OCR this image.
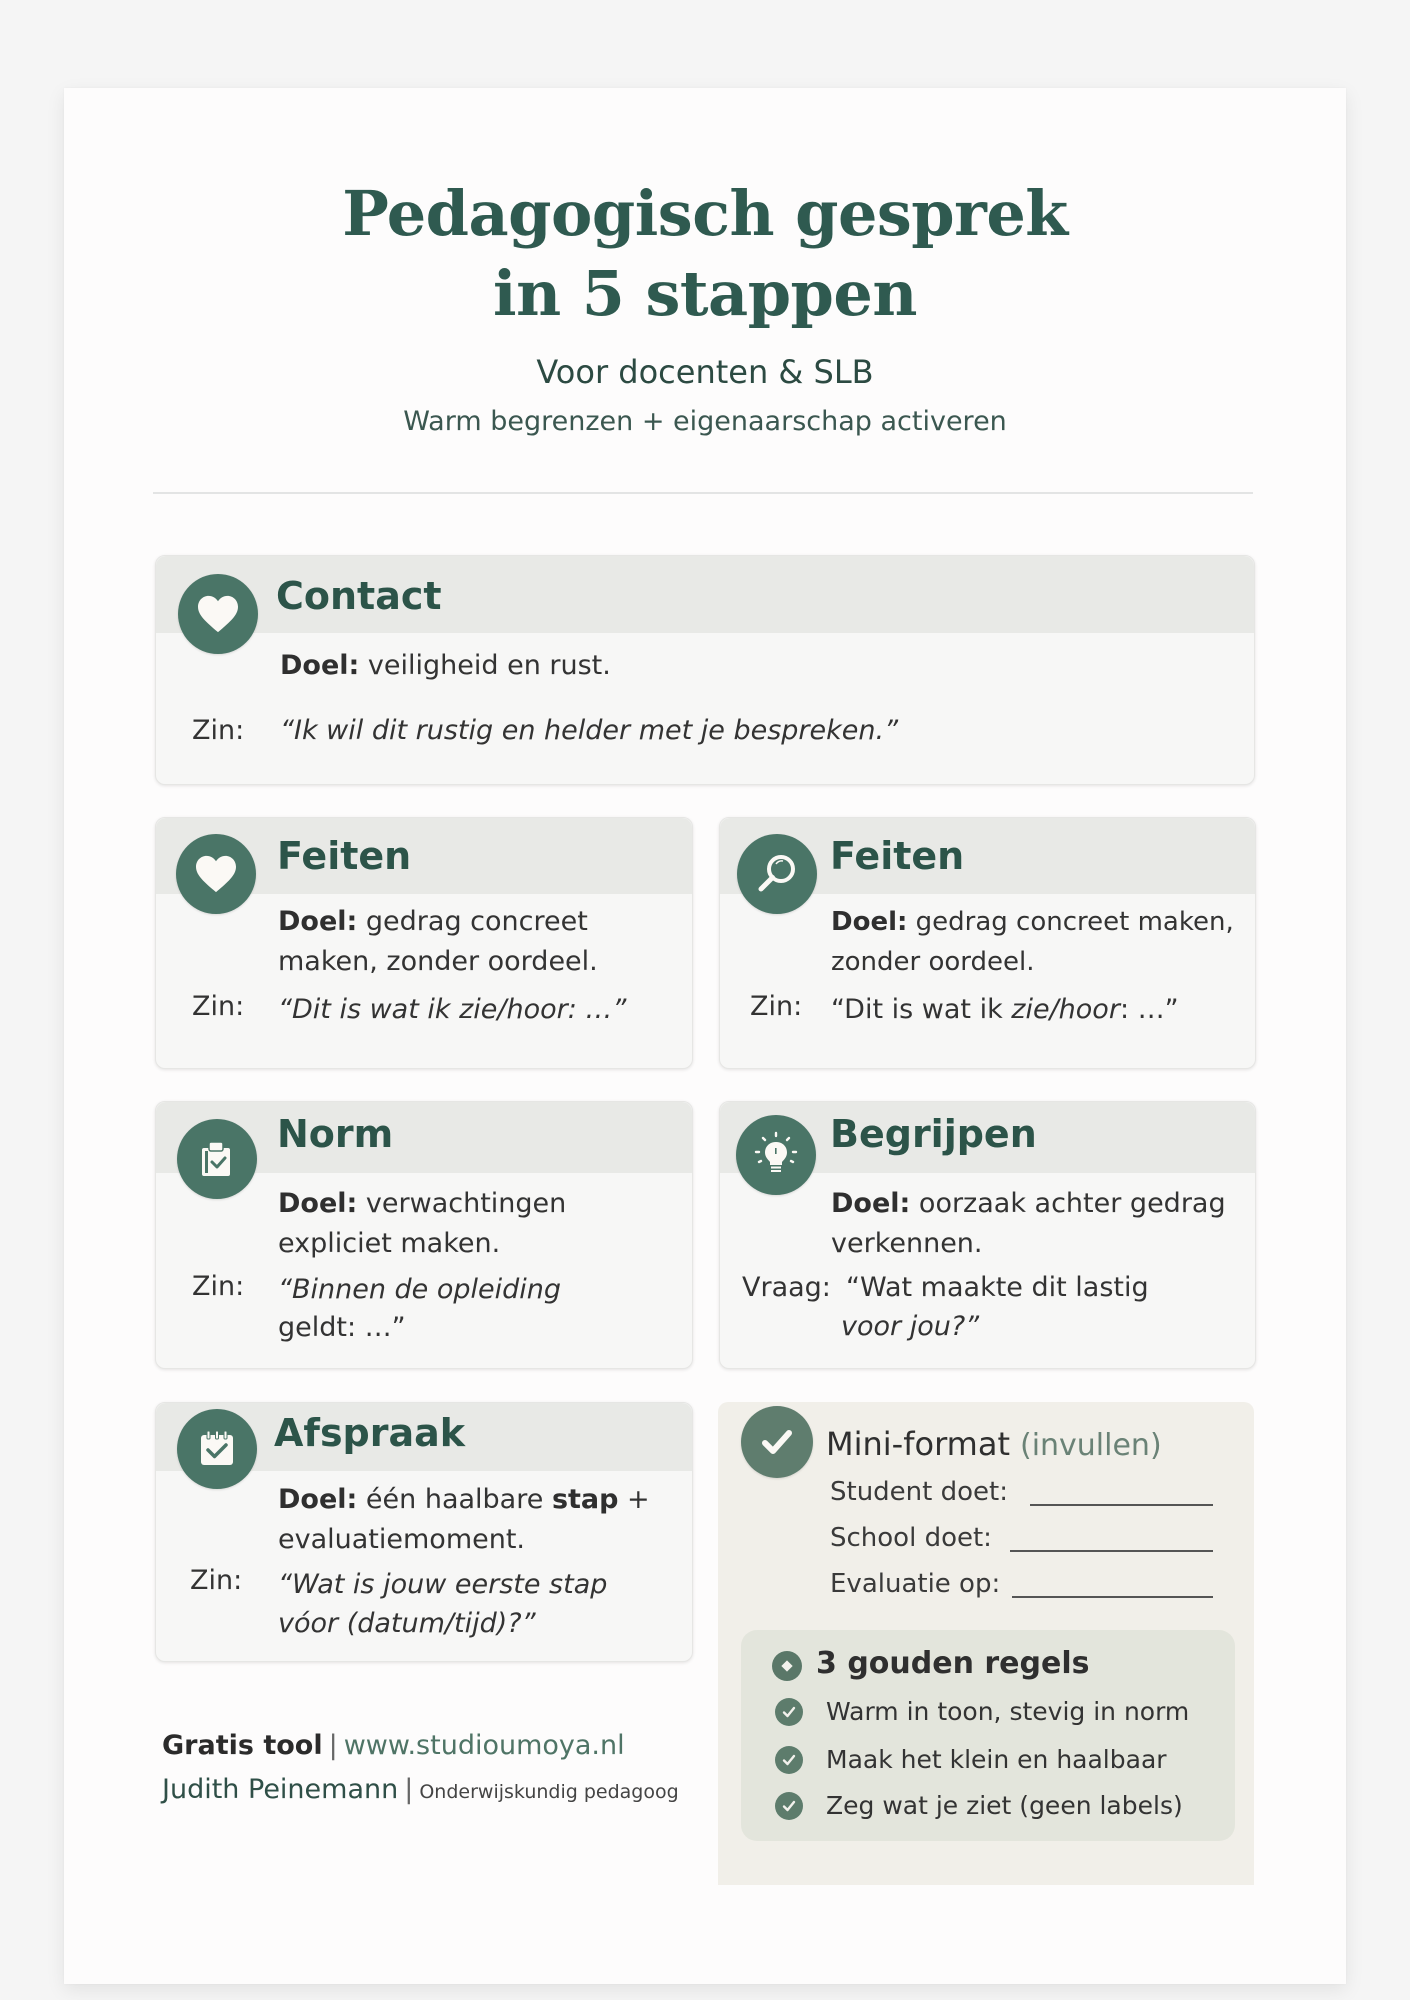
Pedagogisch gesprek
in 5 stappen
Voor docenten & SLB
Warm begrenzen + eigenaarschap activeren
Contact
Doel: veiligheid en rust.
Zin: “Ik wil dit rustig en helder met je bespreken.”
Feiten
Doel: gedrag concreet
maken, zonder oordeel.
Zin: “Dit is wat ik zie/hoor: …”
Feiten
Doel: gedrag concreet maken,
zonder oordeel.
Zin: “Dit is wat ik zie/hoor: …”
Norm
Doel: verwachtingen
expliciet maken.
Zin: “Binnen de opleiding
geldt: …”
Begrijpen
Doel: oorzaak achter gedrag
verkennen.
Vraag: “Wat maakte dit lastig
voor jou?”
Afspraak
Doel: één haalbare stap +
evaluatiemoment.
Zin: “Wat is jouw eerste stap
vóor (datum/tijd)?”
Mini-format (invullen)
Student doet:
School doet:
Evaluatie op:
3 gouden regels
Warm in toon, stevig in norm
Maak het klein en haalbaar
Zeg wat je ziet (geen labels)
Gratis tool | www.studioumoya.nl
Judith Peinemann | Onderwijskundig pedagoog
